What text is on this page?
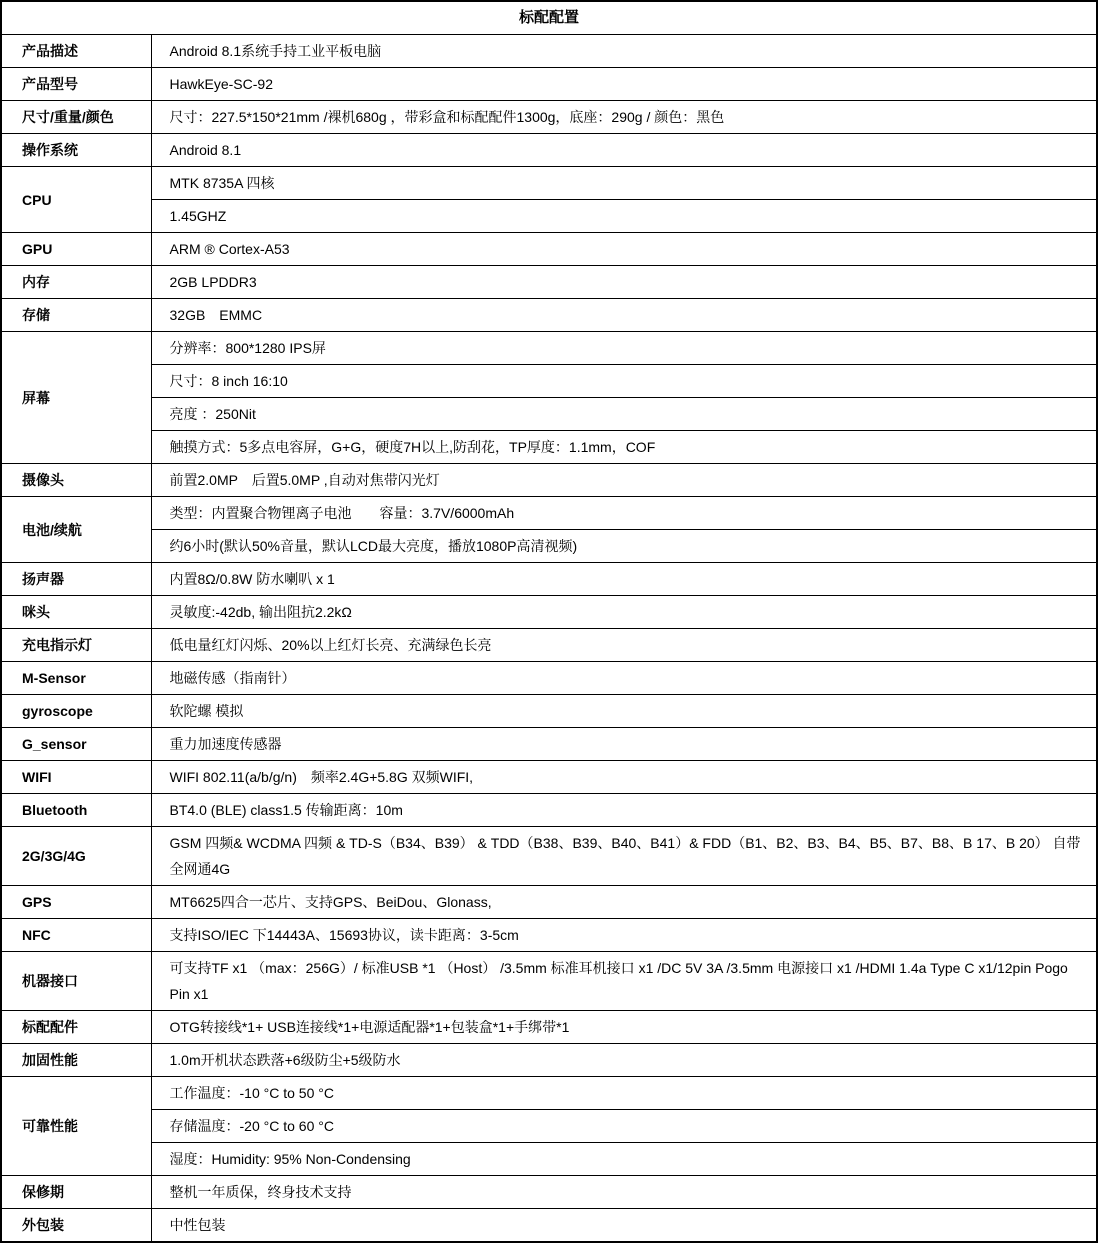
标配配置	
产品描述	Android 8.1系统手持工业平板电脑
产品型号	HawkEye-SC-92
尺寸/重量/颜色	尺寸：227.5*150*21mm /裸机680g ，带彩盒和标配配件1300g，底座：290g / 颜色：黑色
操作系统	Android 8.1
CPU	MTK 8735A 四核
	1.45GHZ
GPU	ARM ® Cortex-A53
内存	2GB LPDDR3
存储	32GB　EMMC
屏幕	分辨率：800*1280 IPS屏
	尺寸：8 inch 16:10
	亮度 ：250Nit
	触摸方式：5多点电容屏，G+G，硬度7H以上,防刮花，TP厚度：1.1mm，COF
摄像头	前置2.0MP　后置5.0MP ,自动对焦带闪光灯
电池/续航	类型：内置聚合物锂离子电池　　容量：3.7V/6000mAh
	约6小时(默认50%音量，默认LCD最大亮度，播放1080P高清视频)
扬声器	内置8Ω/0.8W 防水喇叭 x 1
咪头	灵敏度:-42db, 输出阻抗2.2kΩ
充电指示灯	低电量红灯闪烁、20%以上红灯长亮、充满绿色长亮
M-Sensor	地磁传感（指南针）
gyroscope	软陀螺 模拟
G_sensor	重力加速度传感器
WIFI	WIFI 802.11(a/b/g/n)　频率2.4G+5.8G 双频WIFI,
Bluetooth	BT4.0 (BLE) class1.5 传输距离：10m
2G/3G/4G	GSM 四频& WCDMA 四频 & TD-S（B34、B39） & TDD（B38、B39、B40、B41）& FDD（B1、B2、B3、B4、B5、B7、B8、B 17、B 20） 自带全网通4G
GPS	MT6625四合一芯片、支持GPS、BeiDou、Glonass,
NFC	支持ISO/IEC 下14443A、15693协议，读卡距离：3-5cm
机器接口	可支持TF x1 （max：256G）/ 标准USB *1 （Host） /3.5mm 标准耳机接口 x1 /DC 5V 3A /3.5mm 电源接口 x1 /HDMI 1.4a Type C x1/12pin Pogo Pin x1
标配配件	OTG转接线*1+ USB连接线*1+电源适配器*1+包装盒*1+手绑带*1
加固性能	1.0m开机状态跌落+6级防尘+5级防水
可靠性能	工作温度：-10 °C to 50 °C
	存储温度：-20 °C to 60 °C
	湿度：Humidity: 95% Non-Condensing
保修期	整机一年质保，终身技术支持
外包装	中性包装
